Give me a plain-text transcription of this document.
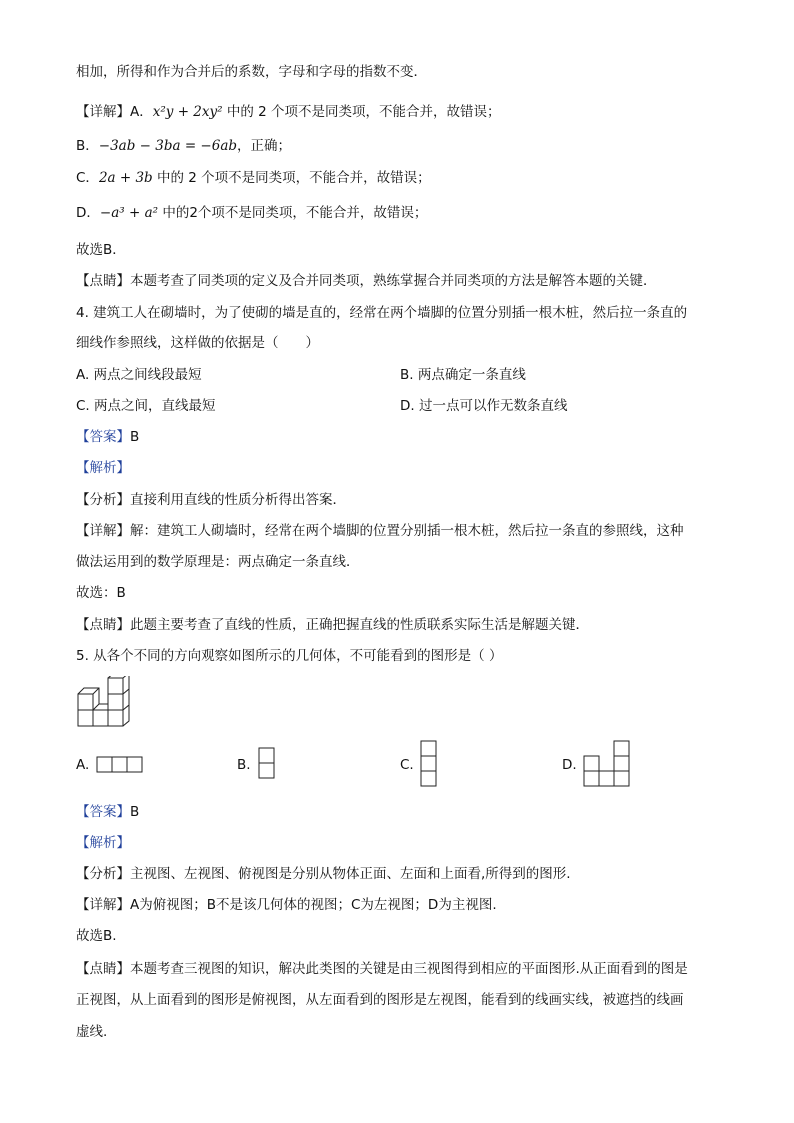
相加，所得和作为合并后的系数，字母和字母的指数不变．
【详解】A．x²y + 2xy² 中的 2 个项不是同类项，不能合并，故错误；
B．−3ab − 3ba = −6ab，正确；
C．2a + 3b 中的 2 个项不是同类项，不能合并，故错误；
D．−a³ + a² 中的2个项不是同类项，不能合并，故错误；
故选B．
【点睛】本题考查了同类项的定义及合并同类项，熟练掌握合并同类项的方法是解答本题的关键．
4. 建筑工人在砌墙时，为了使砌的墙是直的，经常在两个墙脚的位置分别插一根木桩，然后拉一条直的
细线作参照线，这样做的依据是（　　）
A. 两点之间线段最短	B. 两点确定一条直线
C. 两点之间，直线最短	D. 过一点可以作无数条直线
【答案】B
【解析】
【分析】直接利用直线的性质分析得出答案．
【详解】解：建筑工人砌墙时，经常在两个墙脚的位置分别插一根木桩，然后拉一条直的参照线，这种
做法运用到的数学原理是：两点确定一条直线．
故选：B
【点睛】此题主要考查了直线的性质，正确把握直线的性质联系实际生活是解题关键．
5. 从各个不同的方向观察如图所示的几何体，不可能看到的图形是（ ）
A.	B.	C.	D.
【答案】B
【解析】
【分析】主视图、左视图、俯视图是分别从物体正面、左面和上面看,所得到的图形.
【详解】A为俯视图；B不是该几何体的视图；C为左视图；D为主视图.
故选B.
【点睛】本题考查三视图的知识，解决此类图的关键是由三视图得到相应的平面图形.从正面看到的图是
正视图，从上面看到的图形是俯视图，从左面看到的图形是左视图，能看到的线画实线，被遮挡的线画
虚线.
